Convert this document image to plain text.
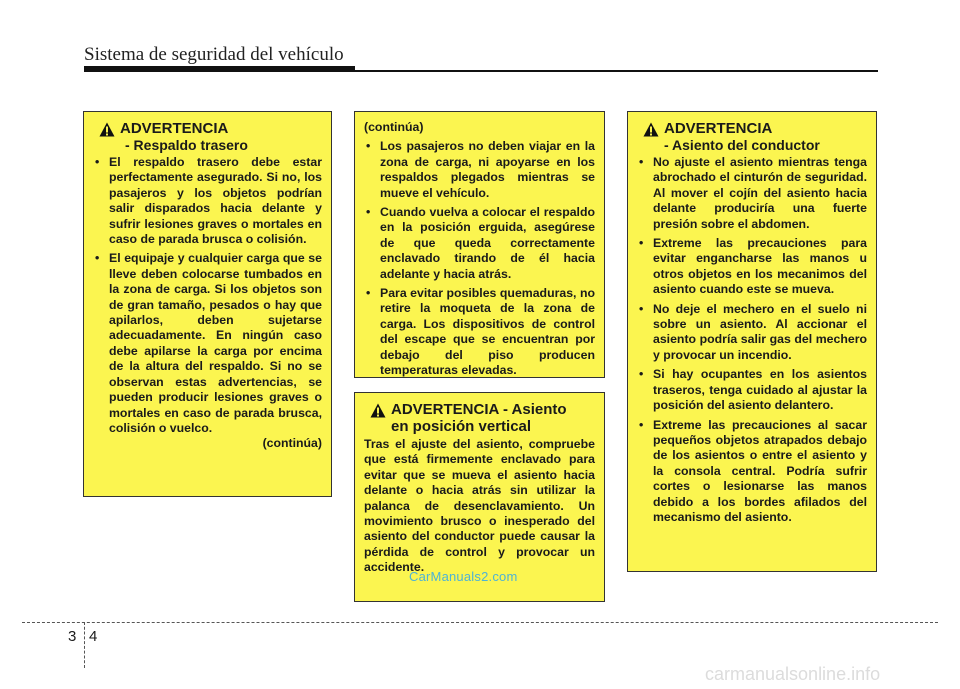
Sistema de seguridad del vehículo
ADVERTENCIA
- Respaldo trasero
• El respaldo trasero debe estar perfectamente asegurado. Si no, los pasajeros y los objetos podrían salir disparados hacia delante y sufrir lesiones graves o mortales en caso de parada brusca o colisión.
• El equipaje y cualquier carga que se lleve deben colocarse tumbados en la zona de carga. Si los objetos son de gran tamaño, pesados o hay que apilarlos, deben sujetarse adecuadamente. En ningún caso debe apilarse la carga por encima de la altura del respaldo. Si no se observan estas advertencias, se pueden producir lesiones graves o mortales en caso de parada brusca, colisión o vuelco.
(continúa)
(continúa)
• Los pasajeros no deben viajar en la zona de carga, ni apoyarse en los respaldos plegados mientras se mueve el vehículo.
• Cuando vuelva a colocar el respaldo en la posición erguida, asegúrese de que queda correctamente enclavado tirando de él hacia adelante y hacia atrás.
• Para evitar posibles quemaduras, no retire la moqueta de la zona de carga. Los dispositivos de control del escape que se encuentran por debajo del piso producen temperaturas elevadas.
ADVERTENCIA - Asiento
en posición vertical
Tras el ajuste del asiento, compruebe que está firmemente enclavado para evitar que se mueva el asiento hacia delante o hacia atrás sin utilizar la palanca de desenclavamiento. Un movimiento brusco o inesperado del asiento del conductor puede causar la pérdida de control y provocar un accidente.
ADVERTENCIA
- Asiento del conductor
• No ajuste el asiento mientras tenga abrochado el cinturón de seguridad. Al mover el cojín del asiento hacia delante produciría una fuerte presión sobre el abdomen.
• Extreme las precauciones para evitar engancharse las manos u otros objetos en los mecanimos del asiento cuando este se mueva.
• No deje el mechero en el suelo ni sobre un asiento. Al accionar el asiento podría salir gas del mechero y provocar un incendio.
• Si hay ocupantes en los asientos traseros, tenga cuidado al ajustar la posición del asiento delantero.
• Extreme las precauciones al sacar pequeños objetos atrapados debajo de los asientos o entre el asiento y la consola central. Podría sufrir cortes o lesionarse las manos debido a los bordes afilados del mecanismo del asiento.
CarManuals2.com
3 4
carmanualsonline.info
